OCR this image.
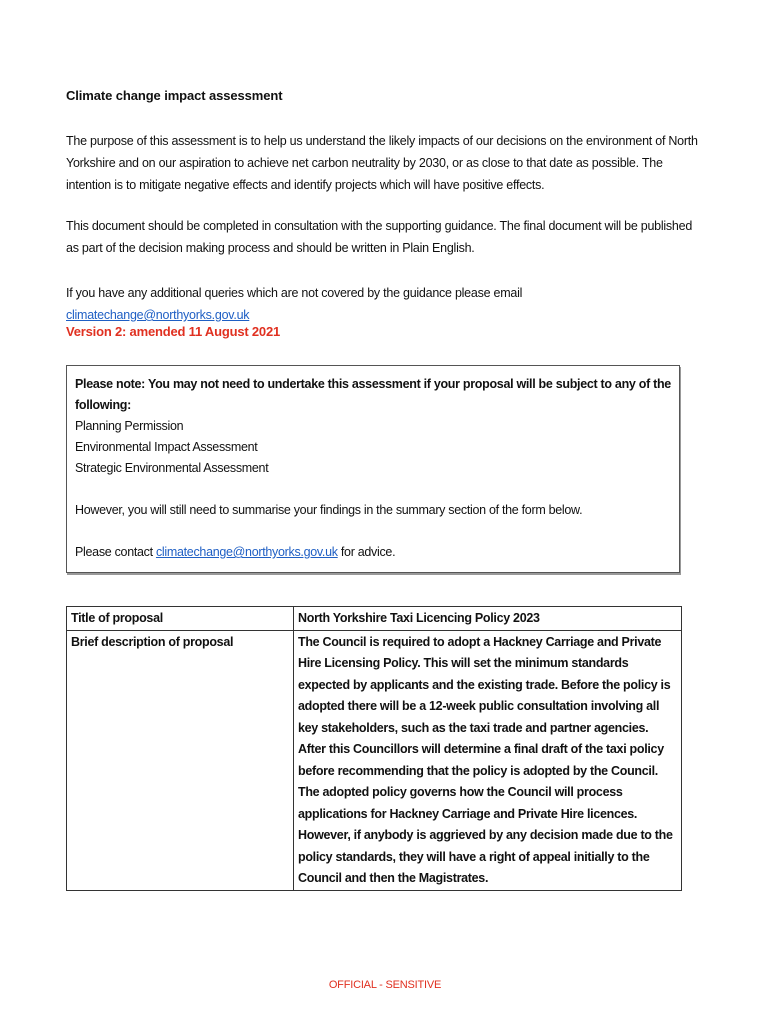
Climate change impact assessment
The purpose of this assessment is to help us understand the likely impacts of our decisions on the environment of North Yorkshire and on our aspiration to achieve net carbon neutrality by 2030, or as close to that date as possible. The intention is to mitigate negative effects and identify projects which will have positive effects.
This document should be completed in consultation with the supporting guidance. The final document will be published as part of the decision making process and should be written in Plain English.
If you have any additional queries which are not covered by the guidance please email climatechange@northyorks.gov.uk
Version 2: amended 11 August 2021
Please note: You may not need to undertake this assessment if your proposal will be subject to any of the following:
Planning Permission
Environmental Impact Assessment
Strategic Environmental Assessment
However, you will still need to summarise your findings in the summary section of the form below.
Please contact climatechange@northyorks.gov.uk for advice.
Title of proposal	North Yorkshire Taxi Licencing Policy 2023
Brief description of proposal	The Council is required to adopt a Hackney Carriage and Private Hire Licensing Policy. This will set the minimum standards expected by applicants and the existing trade. Before the policy is adopted there will be a 12-week public consultation involving all key stakeholders, such as the taxi trade and partner agencies. After this Councillors will determine a final draft of the taxi policy before recommending that the policy is adopted by the Council. The adopted policy governs how the Council will process applications for Hackney Carriage and Private Hire licences. However, if anybody is aggrieved by any decision made due to the policy standards, they will have a right of appeal initially to the Council and then the Magistrates.
OFFICIAL - SENSITIVE
